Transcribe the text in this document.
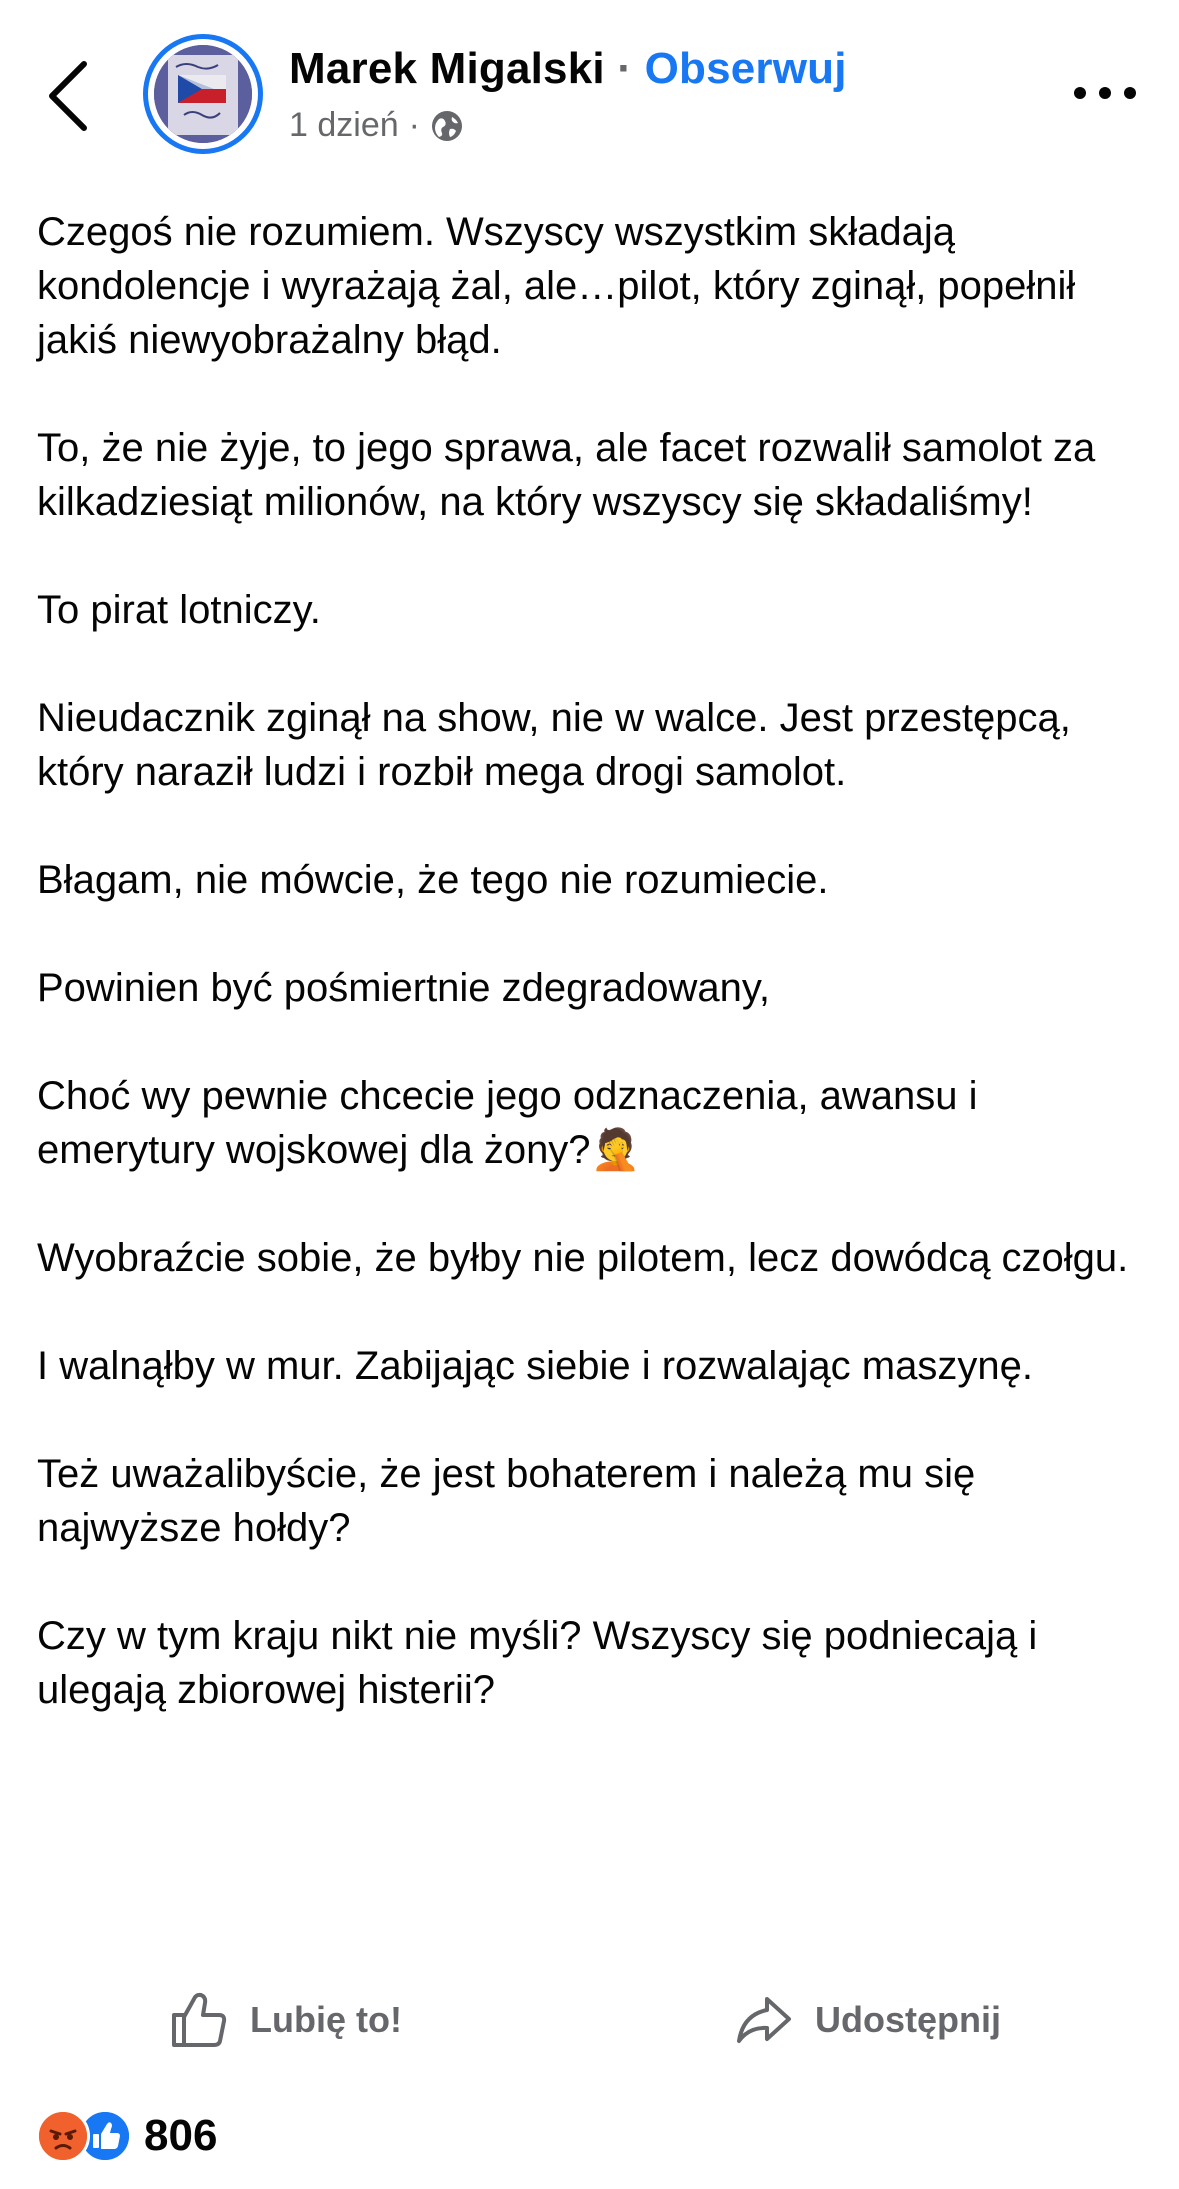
Marek Migalski · Obserwuj
1 dzień ·

Czegoś nie rozumiem. Wszyscy wszystkim składają kondolencje i wyrażają żal, ale…pilot, który zginął, popełnił jakiś niewyobrażalny błąd.

To, że nie żyje, to jego sprawa, ale facet rozwalił samolot za kilkadziesiąt milionów, na który wszyscy się składaliśmy!

To pirat lotniczy.

Nieudacznik zginął na show, nie w walce. Jest przestępcą, który naraził ludzi i rozbił mega drogi samolot.

Błagam, nie mówcie, że tego nie rozumiecie.

Powinien być pośmiertnie zdegradowany,

Choć wy pewnie chcecie jego odznaczenia, awansu i emerytury wojskowej dla żony?🤦

Wyobraźcie sobie, że byłby nie pilotem, lecz dowódcą czołgu.

I walnąłby w mur. Zabijając siebie i rozwalając maszynę.

Też uważalibyście, że jest bohaterem i należą mu się najwyższe hołdy?

Czy w tym kraju nikt nie myśli? Wszyscy się podniecają i ulegają zbiorowej histerii?

Lubię to!	Udostępnij
806
